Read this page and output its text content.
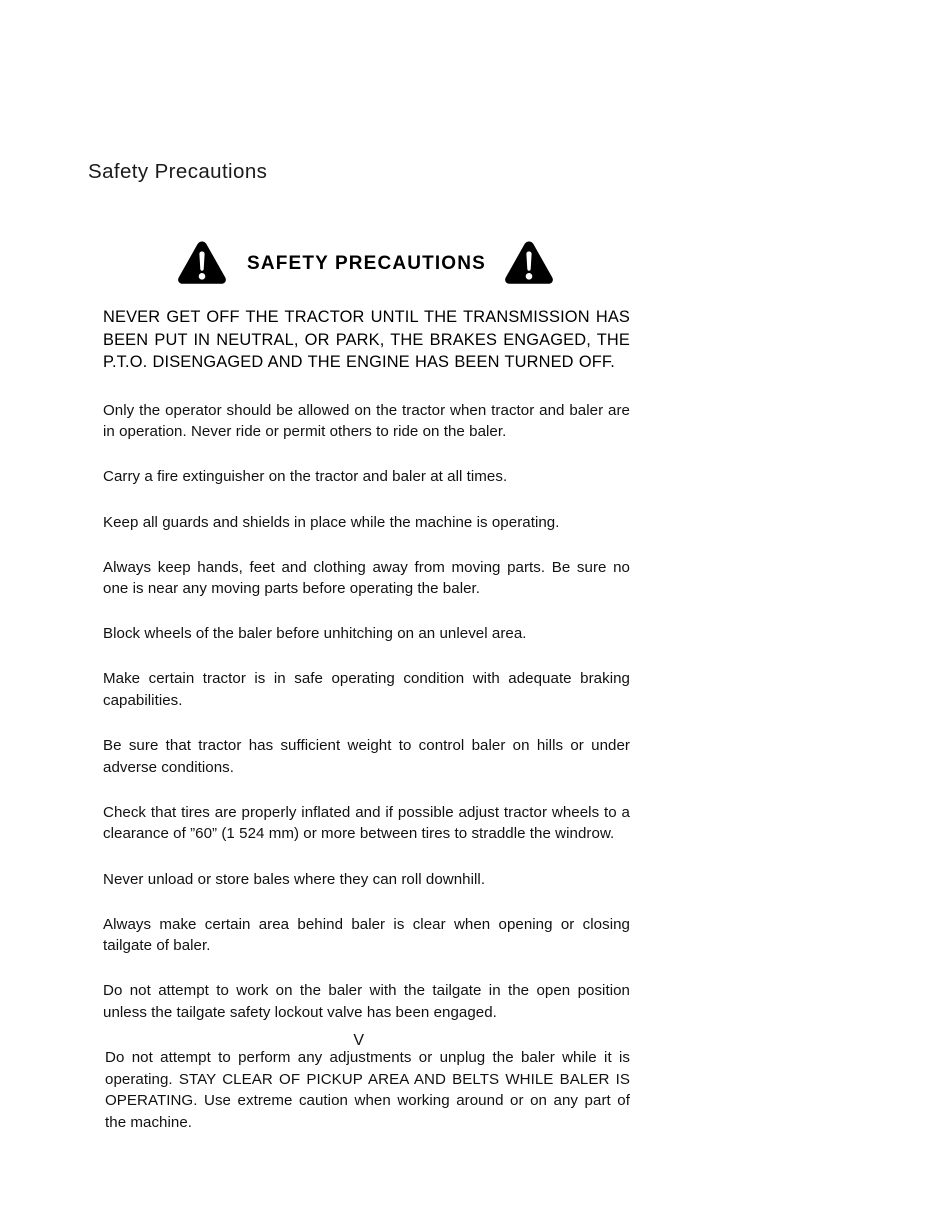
Safety Precautions
SAFETY PRECAUTIONS

NEVER GET OFF THE TRACTOR UNTIL THE TRANSMISSION HAS BEEN PUT IN NEUTRAL, OR PARK, THE BRAKES ENGAGED, THE P.T.O. DISENGAGED AND THE ENGINE HAS BEEN TURNED OFF.

Only the operator should be allowed on the tractor when tractor and baler are in operation. Never ride or permit others to ride on the baler.

Carry a fire extinguisher on the tractor and baler at all times.

Keep all guards and shields in place while the machine is operating.

Always keep hands, feet and clothing away from moving parts. Be sure no one is near any moving parts before operating the baler.

Block wheels of the baler before unhitching on an unlevel area.

Make certain tractor is in safe operating condition with adequate braking capabilities.

Be sure that tractor has sufficient weight to control baler on hills or under adverse conditions.

Check that tires are properly inflated and if possible adjust tractor wheels to a clearance of ”60” (1 524 mm) or more between tires to straddle the windrow.

Never unload or store bales where they can roll downhill.

Always make certain area behind baler is clear when opening or closing tailgate of baler.

Do not attempt to work on the baler with the tailgate in the open position unless the tailgate safety lockout valve has been engaged.

Do not attempt to perform any adjustments or unplug the baler while it is operating. STAY CLEAR OF PICKUP AREA AND BELTS WHILE BALER IS OPERATING. Use extreme caution when working around or on any part of the machine.

V
